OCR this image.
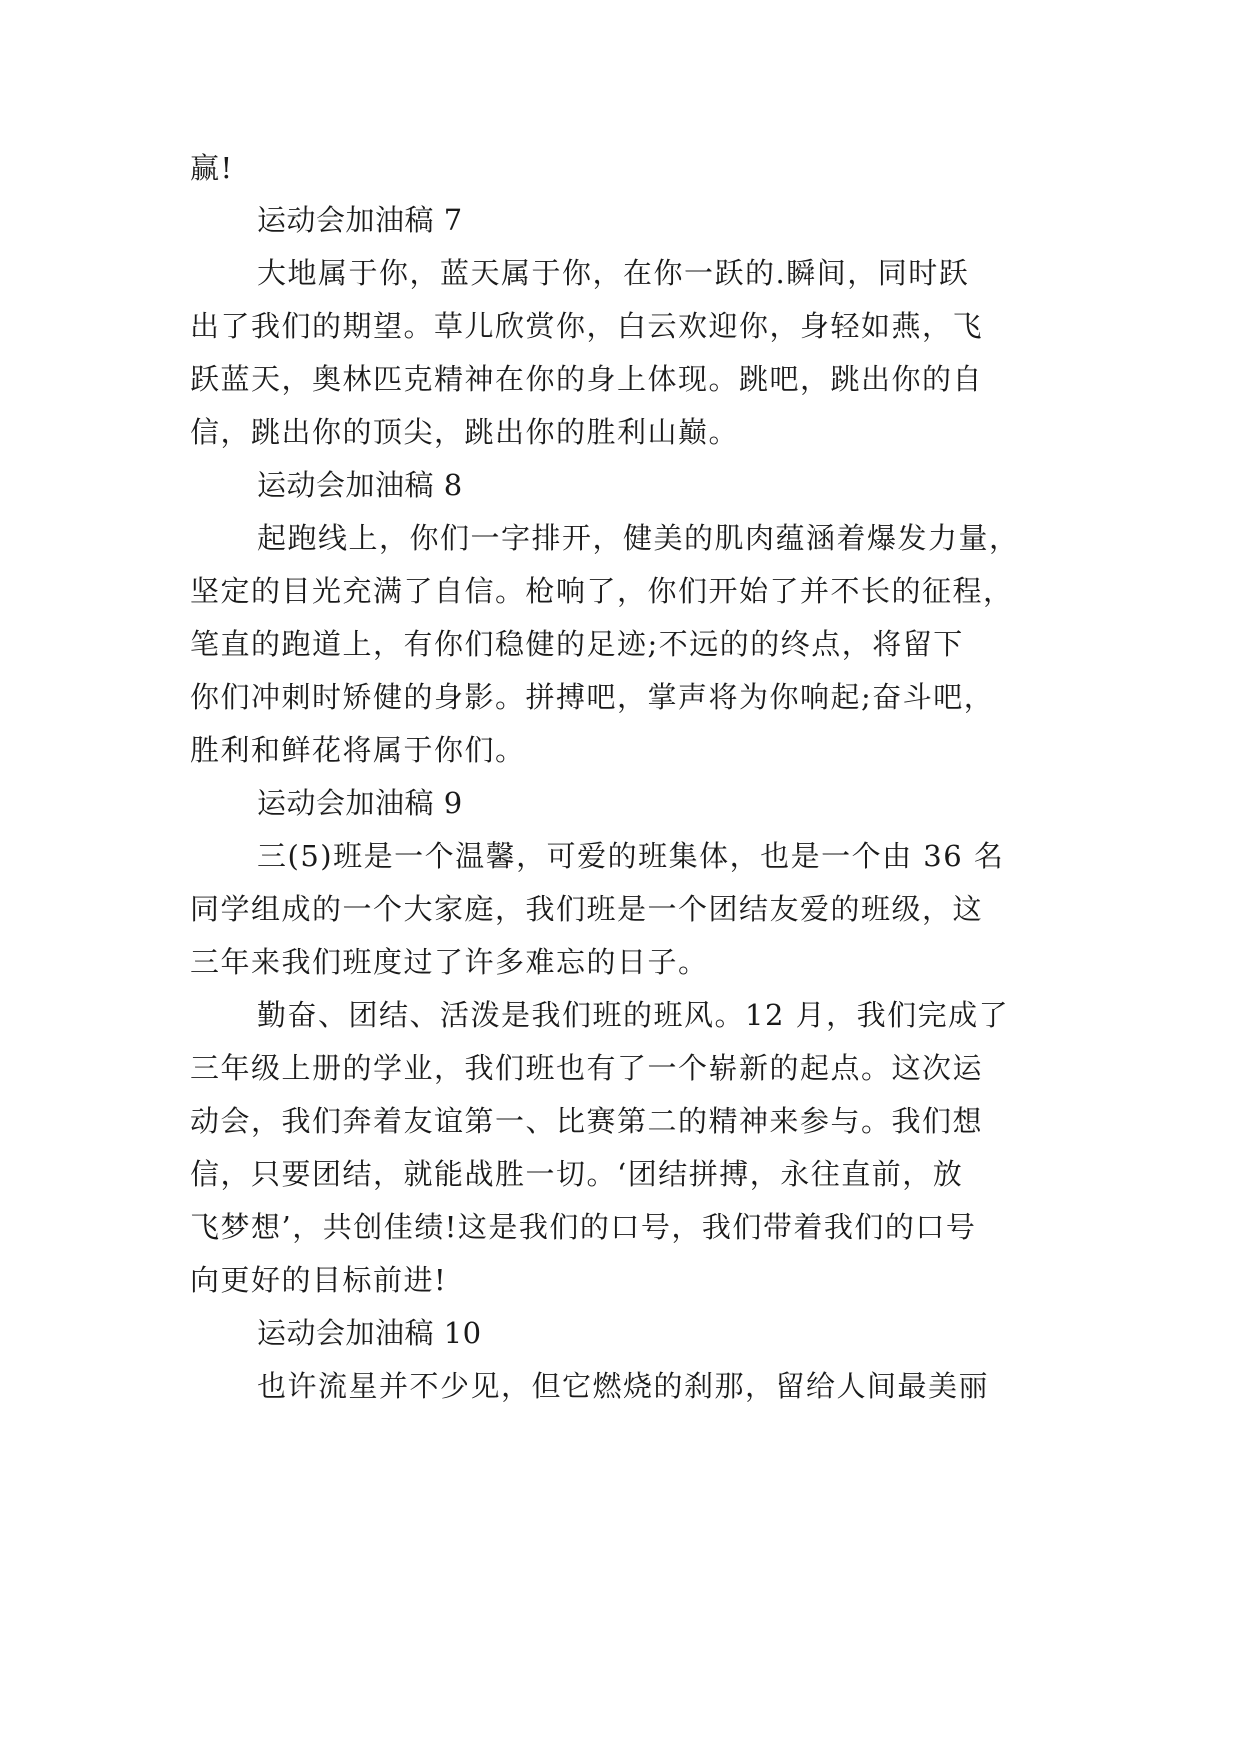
赢!
运动会加油稿 7
大地属于你，蓝天属于你，在你一跃的.瞬间，同时跃
出了我们的期望。草儿欣赏你，白云欢迎你，身轻如燕，飞
跃蓝天，奥林匹克精神在你的身上体现。跳吧，跳出你的自
信，跳出你的顶尖，跳出你的胜利山巅。
运动会加油稿 8
起跑线上，你们一字排开，健美的肌肉蕴涵着爆发力量，
坚定的目光充满了自信。枪响了，你们开始了并不长的征程，
笔直的跑道上，有你们稳健的足迹;不远的的终点，将留下
你们冲刺时矫健的身影。拼搏吧，掌声将为你响起;奋斗吧，
胜利和鲜花将属于你们。
运动会加油稿 9
三(5)班是一个温馨，可爱的班集体，也是一个由 36 名
同学组成的一个大家庭，我们班是一个团结友爱的班级，这
三年来我们班度过了许多难忘的日子。
勤奋、团结、活泼是我们班的班风。12 月，我们完成了
三年级上册的学业，我们班也有了一个崭新的起点。这次运
动会，我们奔着友谊第一、比赛第二的精神来参与。我们想
信，只要团结，就能战胜一切。‘团结拼搏，永往直前，放
飞梦想’，共创佳绩!这是我们的口号，我们带着我们的口号
向更好的目标前进!
运动会加油稿 10
也许流星并不少见，但它燃烧的刹那，留给人间最美丽
